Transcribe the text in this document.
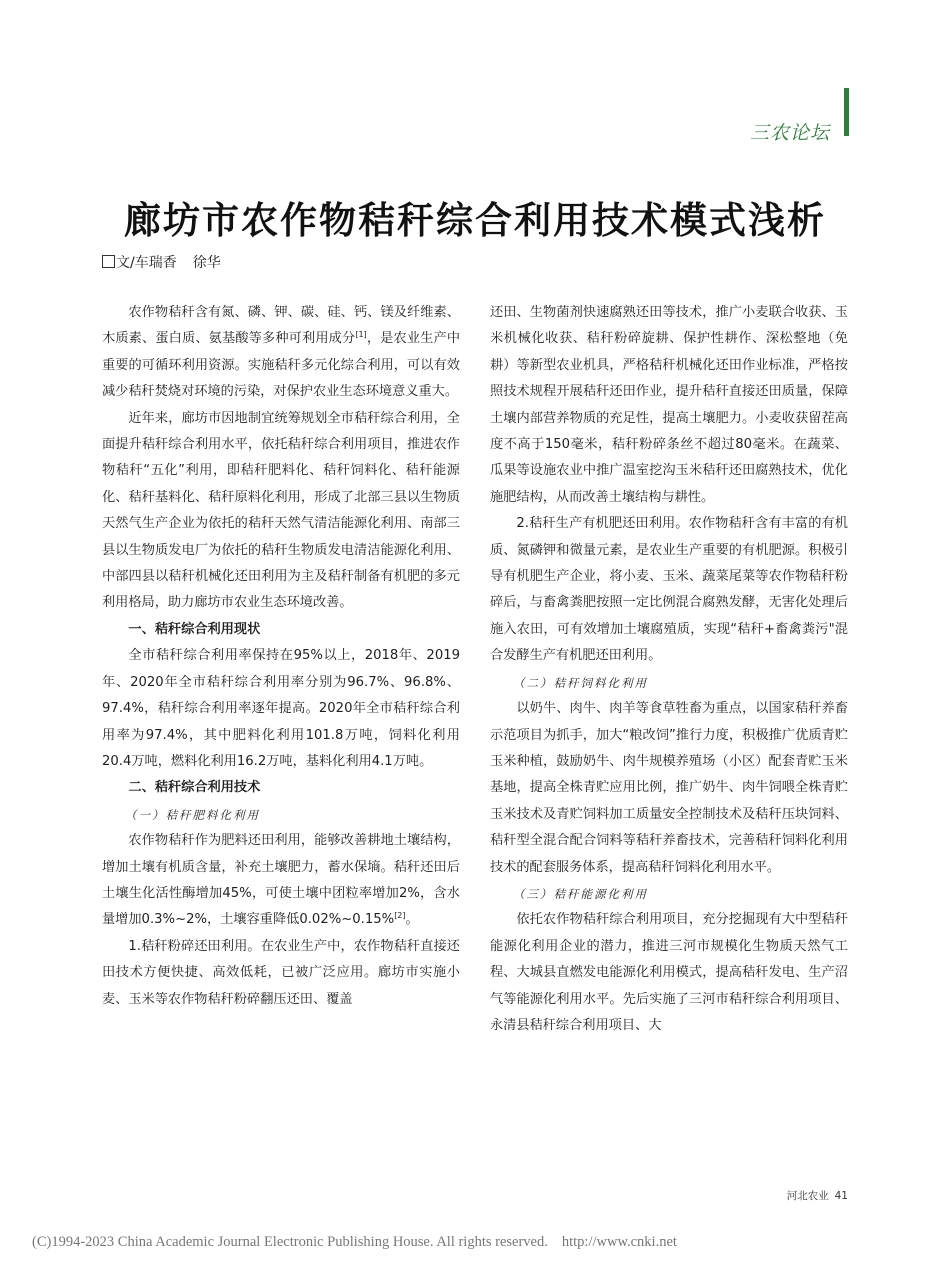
三农论坛
廊坊市农作物秸秆综合利用技术模式浅析
文/车瑞香 徐华

农作物秸秆含有氮、磷、钾、碳、硅、钙、镁及纤维素、木质素、蛋白质、氨基酸等多种可利用成分[1]，是农业生产中重要的可循环利用资源。实施秸秆多元化综合利用，可以有效减少秸秆焚烧对环境的污染，对保护农业生态环境意义重大。

近年来，廊坊市因地制宜统筹规划全市秸秆综合利用，全面提升秸秆综合利用水平，依托秸秆综合利用项目，推进农作物秸秆“五化”利用，即秸秆肥料化、秸秆饲料化、秸秆能源化、秸秆基料化、秸秆原料化利用，形成了北部三县以生物质天然气生产企业为依托的秸秆天然气清洁能源化利用、南部三县以生物质发电厂为依托的秸秆生物质发电清洁能源化利用、中部四县以秸秆机械化还田利用为主及秸秆制备有机肥的多元利用格局，助力廊坊市农业生态环境改善。

一、秸秆综合利用现状

全市秸秆综合利用率保持在95%以上，2018年、2019年、2020年全市秸秆综合利用率分别为96.7%、96.8%、97.4%，秸秆综合利用率逐年提高。2020年全市秸秆综合利用率为97.4%，其中肥料化利用101.8万吨，饲料化利用20.4万吨，燃料化利用16.2万吨，基料化利用4.1万吨。

二、秸秆综合利用技术
（一）秸秆肥料化利用

农作物秸秆作为肥料还田利用，能够改善耕地土壤结构，增加土壤有机质含量，补充土壤肥力，蓄水保墒。秸秆还田后土壤生化活性酶增加45%，可使土壤中团粒率增加2%，含水量增加0.3%~2%，土壤容重降低0.02%~0.15%[2]。

1.秸秆粉碎还田利用。在农业生产中，农作物秸秆直接还田技术方便快捷、高效低耗，已被广泛应用。廊坊市实施小麦、玉米等农作物秸秆粉碎翻压还田、覆盖

还田、生物菌剂快速腐熟还田等技术，推广小麦联合收获、玉米机械化收获、秸秆粉碎旋耕、保护性耕作、深松整地（免耕）等新型农业机具，严格秸秆机械化还田作业标准，严格按照技术规程开展秸秆还田作业，提升秸秆直接还田质量，保障土壤内部营养物质的充足性，提高土壤肥力。小麦收获留茬高度不高于150毫米，秸秆粉碎条丝不超过80毫米。在蔬菜、瓜果等设施农业中推广温室挖沟玉米秸秆还田腐熟技术，优化施肥结构，从而改善土壤结构与耕性。

2.秸秆生产有机肥还田利用。农作物秸秆含有丰富的有机质、氮磷钾和微量元素，是农业生产重要的有机肥源。积极引导有机肥生产企业，将小麦、玉米、蔬菜尾菜等农作物秸秆粉碎后，与畜禽粪肥按照一定比例混合腐熟发酵，无害化处理后施入农田，可有效增加土壤腐殖质，实现“秸秆+畜禽粪污"混合发酵生产有机肥还田利用。

（二）秸秆饲料化利用

以奶牛、肉牛、肉羊等食草牲畜为重点，以国家秸秆养畜示范项目为抓手，加大“粮改饲”推行力度，积极推广优质青贮玉米种植，鼓励奶牛、肉牛规模养殖场（小区）配套青贮玉米基地，提高全株青贮应用比例，推广奶牛、肉牛饲喂全株青贮玉米技术及青贮饲料加工质量安全控制技术及秸秆压块饲料、秸秆型全混合配合饲料等秸秆养畜技术，完善秸秆饲料化利用技术的配套服务体系，提高秸秆饲料化利用水平。

（三）秸秆能源化利用

依托农作物秸秆综合利用项目，充分挖掘现有大中型秸秆能源化利用企业的潜力，推进三河市规模化生物质天然气工程、大城县直燃发电能源化利用模式，提高秸秆发电、生产沼气等能源化利用水平。先后实施了三河市秸秆综合利用项目、永清县秸秆综合利用项目、大

河北农业 41
(C)1994-2023 China Academic Journal Electronic Publishing House. All rights reserved. http://www.cnki.net
